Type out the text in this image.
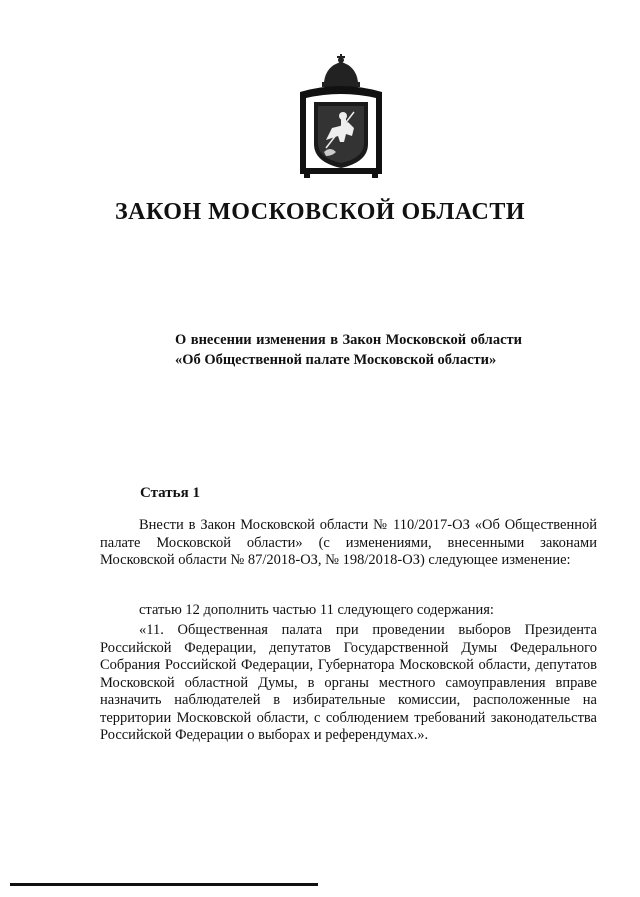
ЗАКОН МОСКОВСКОЙ ОБЛАСТИ

О внесении изменения в Закон Московской области «Об Общественной палате Московской области»

Статья 1

Внести в Закон Московской области № 110/2017-ОЗ «Об Общественной палате Московской области» (с изменениями, внесенными законами Московской области № 87/2018-ОЗ, № 198/2018-ОЗ) следующее изменение:

статью 12 дополнить частью 11 следующего содержания:

«11. Общественная палата при проведении выборов Президента Российской Федерации, депутатов Государственной Думы Федерального Собрания Российской Федерации, Губернатора Московской области, депутатов Московской областной Думы, в органы местного самоуправления вправе назначить наблюдателей в избирательные комиссии, расположенные на территории Московской области, с соблюдением требований законодательства Российской Федерации о выборах и референдумах.».
